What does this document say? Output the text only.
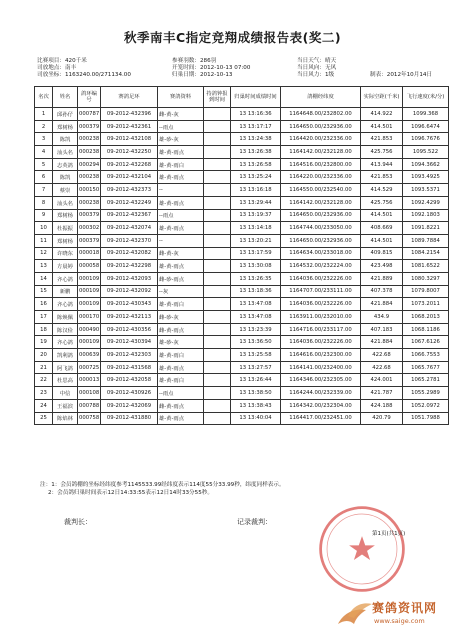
秋季南丰C指定竞翔成绩报告表(奖二)
比赛项目：420千米
司放地点：南丰
司放坐标：1163240.00/271134.00
参赛羽数：286羽
开笼时间：2012-10-13 07:00
归巢日期：2012-10-13
当日天气：晴天
当日风向：无风
当日风力：1级	制表：2012年10月14日
名次	姓名	鸽环编号	赛鸽足环	赛鸽资料	持鸽钟报到时间	归巢时间成绩时间	鸽棚经纬度	实际空距(千米)	飞行速度(米/分)
1	邱孙仔	000787	09-2012-432396	雌-黄-灰		13 13:16:36	1164648.00/232802.00	414.922	1099.368
2	郑树杨	000379	09-2012-432361	--雨点		13 13:17:17	1164650.00/232936.00	414.501	1096.6474
3	陈凯	000238	09-2012-432108	雄-砂-灰		13 13:24:38	1164420.00/232336.00	421.853	1096.7676
4	汕头名	000238	09-2012-432250	雄-黄-雨点		13 13:26:38	1164142.00/232128.00	425.756	1095.522
5	志英鸽	000294	09-2012-432268	雄-黄-雨白		13 13:26:58	1164516.00/232800.00	413.944	1094.3662
6	陈凯	000238	09-2012-432104	雄-黄-雨点		13 13:25:24	1164220.00/232336.00	421.853	1093.4925
7	蔡崇	000150	09-2012-432373	--		13 13:16:18	1164550.00/232540.00	414.529	1093.5371
8	汕头名	000238	09-2012-432249	雄-黄-雨点		13 13:29:44	1164142.00/232128.00	425.756	1092.4299
9	郑树杨	000379	09-2012-432367	--雨点		13 13:19:37	1164650.00/232936.00	414.501	1092.1803
10	杜振振	000302	09-2012-432074	雄-黄-雨点		13 13:14:18	1164744.00/233050.00	408.669	1091.8221
11	郑树杨	000379	09-2012-432370	--		13 13:20:21	1164650.00/232936.00	414.501	1089.7884
12	许晓东	000018	09-2012-432082	雌-黄-灰		13 13:17:59	1164634.00/233018.00	409.815	1084.2154
13	方晨婷	000058	09-2012-432298	雄-黄-雨点		13 13:30:08	1164532.00/232224.00	423.498	1081.6522
14	齐心鸽	000109	09-2012-432093	雌-砂-雨点		13 13:26:35	1164036.00/232226.00	421.889	1080.3297
15	新鹏	000109	09-2012-432092	--灰		13 13:18:36	1164707.00/233111.00	407.378	1079.8007
16	齐心鸽	000109	09-2012-430343	雄-黄-雨白		13 13:47:08	1164036.00/232226.00	421.884	1073.2011
17	陈焕佩	000170	09-2012-432113	雌-砂-灰		13 13:47:08	1163911.00/232010.00	434.9	1068.2013
18	陈汉俭	000490	09-2012-430356	雌-黄-雨点		13 13:23:39	1164716.00/233117.00	407.183	1068.1186
19	齐心鸽	000109	09-2012-430394	雄-砂-灰		13 13:36:50	1164036.00/232226.00	421.884	1067.6126
20	凯利鸽	000639	09-2012-432303	雄-黄-雨白		13 13:25:58	1164616.00/232300.00	422.68	1066.7553
21	阿飞鸽	000725	09-2012-431568	雄-黄-雨点		13 13:27:57	1164141.00/232400.00	422.68	1065.7677
22	杜思高	000013	09-2012-432058	雄-黄-雨白		13 13:26:44	1164346.00/232305.00	424.001	1065.2781
23	中信	000108	09-2012-430926	--雨点		13 13:38:50	1164244.00/232339.00	421.787	1055.2989
24	王福滨	000788	09-2012-432069	雌-黄-雨点		13 13:38:43	1164342.00/232304.00	424.188	1052.0972
25	陈焰林	000758	09-2012-431880	雄-黄-雨点		13 13:40:04	1164417.00/232451.00	420.79	1051.7988
注：1：会员鸽棚的坐标经纬度参考1145533.99经纬度表示114度55分33.99秒，纬度同样表示。
2：会员鸽归巢时间表示12日14:33:55表示12日14时33分55秒。
裁判长：	记录裁判：
第1页(共1页)
赛鸽资讯网
www.saige.com
